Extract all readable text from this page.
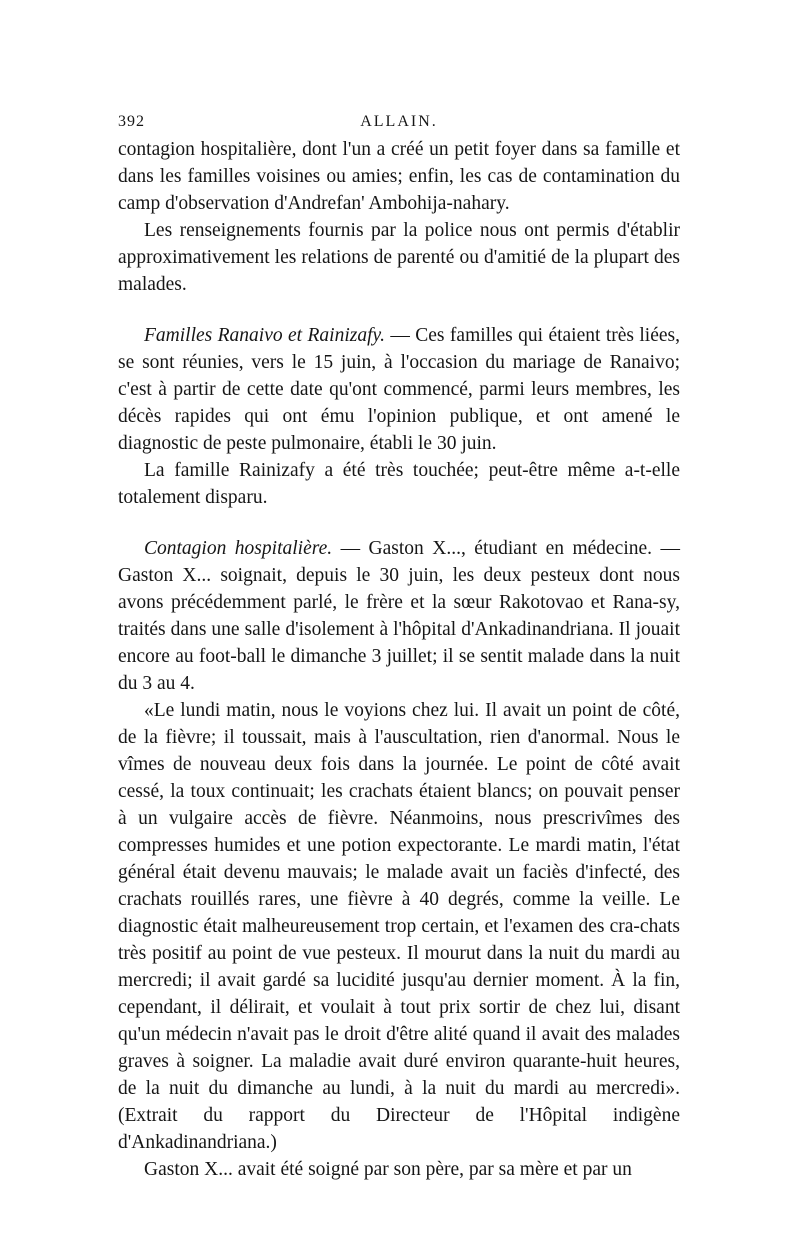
392	ALLAIN.

contagion hospitalière, dont l'un a créé un petit foyer dans sa famille et dans les familles voisines ou amies; enfin, les cas de contamination du camp d'observation d'Andrefan' Ambohija-nahary.

Les renseignements fournis par la police nous ont permis d'établir approximativement les relations de parenté ou d'amitié de la plupart des malades.

Familles Ranaivo et Rainizafy. — Ces familles qui étaient très liées, se sont réunies, vers le 15 juin, à l'occasion du mariage de Ranaivo; c'est à partir de cette date qu'ont commencé, parmi leurs membres, les décès rapides qui ont ému l'opinion publique, et ont amené le diagnostic de peste pulmonaire, établi le 30 juin.

La famille Rainizafy a été très touchée; peut-être même a-t-elle totalement disparu.

Contagion hospitalière. — Gaston X..., étudiant en médecine. — Gaston X... soignait, depuis le 30 juin, les deux pesteux dont nous avons précédemment parlé, le frère et la sœur Rakotovao et Rana-sy, traités dans une salle d'isolement à l'hôpital d'Ankadinandriana. Il jouait encore au foot-ball le dimanche 3 juillet; il se sentit malade dans la nuit du 3 au 4.

«Le lundi matin, nous le voyions chez lui. Il avait un point de côté, de la fièvre; il toussait, mais à l'auscultation, rien d'anormal. Nous le vîmes de nouveau deux fois dans la journée. Le point de côté avait cessé, la toux continuait; les crachats étaient blancs; on pouvait penser à un vulgaire accès de fièvre. Néanmoins, nous prescrivîmes des compresses humides et une potion expectorante. Le mardi matin, l'état général était devenu mauvais; le malade avait un faciès d'infecté, des crachats rouillés rares, une fièvre à 40 degrés, comme la veille. Le diagnostic était malheureusement trop certain, et l'examen des cra-chats très positif au point de vue pesteux. Il mourut dans la nuit du mardi au mercredi; il avait gardé sa lucidité jusqu'au dernier moment. À la fin, cependant, il délirait, et voulait à tout prix sortir de chez lui, disant qu'un médecin n'avait pas le droit d'être alité quand il avait des malades graves à soigner. La maladie avait duré environ quarante-huit heures, de la nuit du dimanche au lundi, à la nuit du mardi au mercredi». (Extrait du rapport du Directeur de l'Hôpital indigène d'Ankadinandriana.)

Gaston X... avait été soigné par son père, par sa mère et par un
